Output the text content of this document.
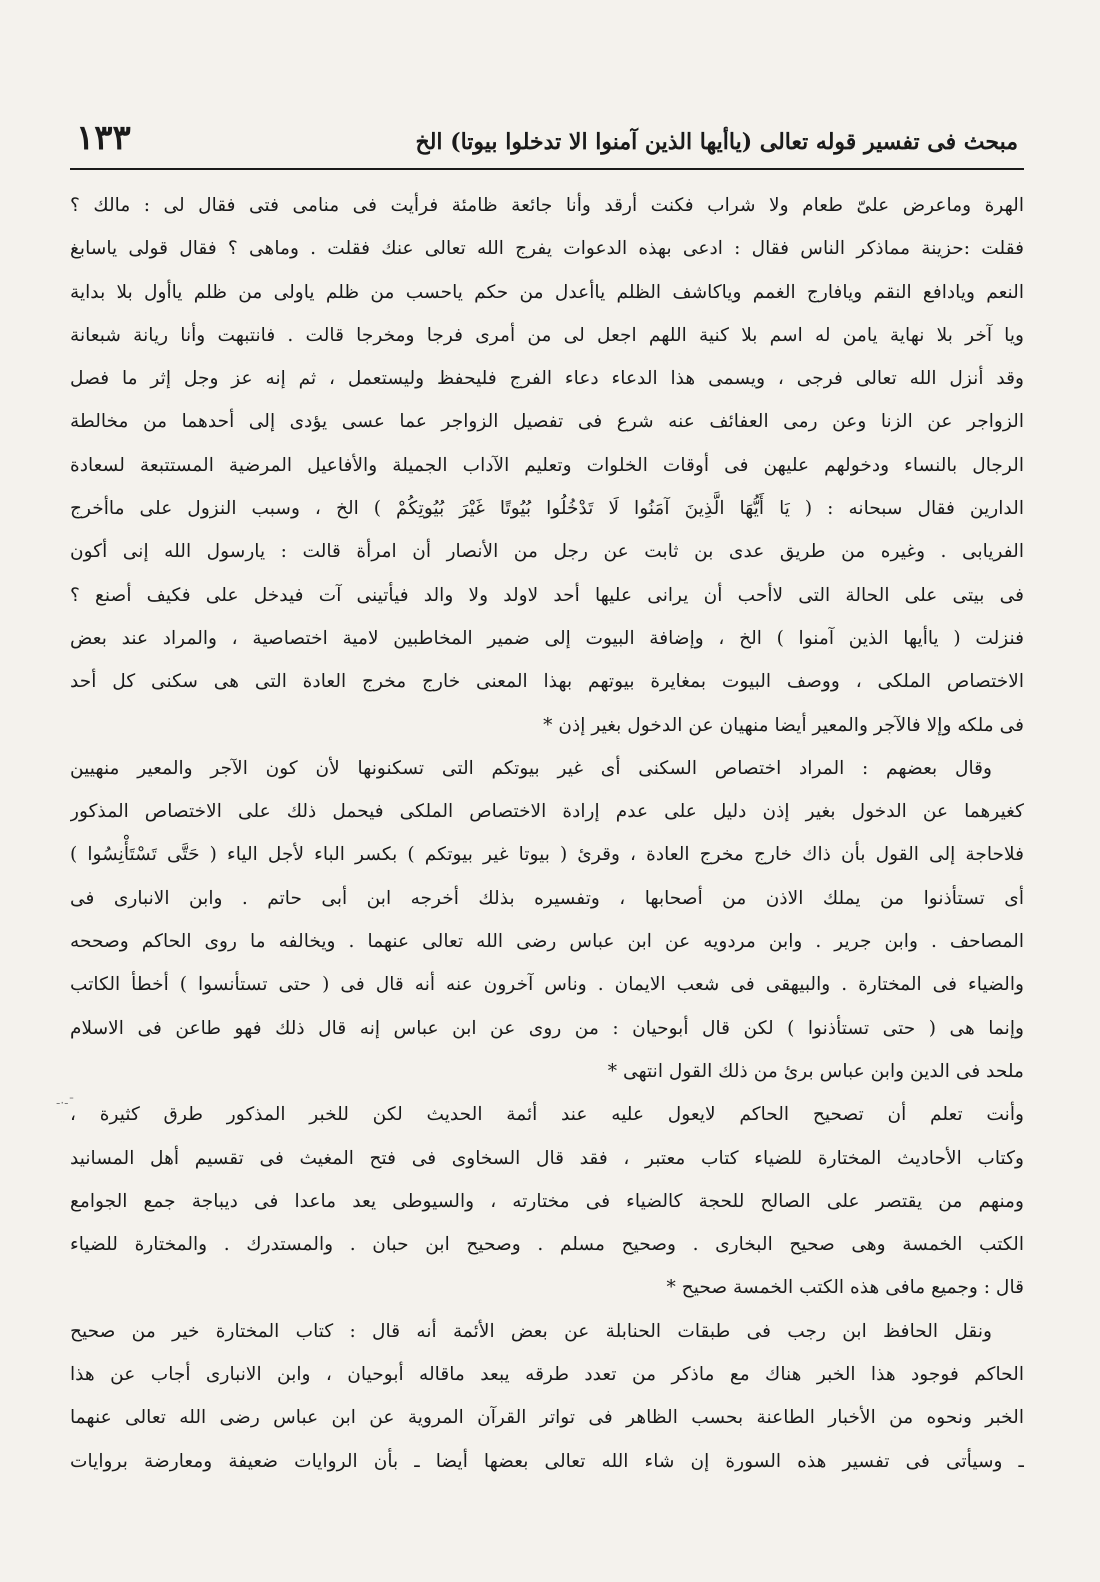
مبحث فى تفسير قوله تعالى (ياأيها الذين آمنوا الا تدخلوا بيوتا) الخ
١٣٣
الهرة وماعرض علىّ طعام ولا شراب فكنت أرقد وأنا جائعة ظامئة فرأيت فى منامى فتى فقال لى : مالك ؟
فقلت :حزينة مماذكر الناس فقال : ادعى بهذه الدعوات يفرج الله تعالى عنك فقلت . وماهى ؟ فقال قولى ياسابغ
النعم ويادافع النقم ويافارج الغمم وياكاشف الظلم ياأعدل من حكم ياحسب من ظلم ياولى من ظلم ياأول بلا بداية
ويا آخر بلا نهاية يامن له اسم بلا كنية اللهم اجعل لى من أمرى فرجا ومخرجا قالت . فانتبهت وأنا ريانة شبعانة
وقد أنزل الله تعالى فرجى ، ويسمى هذا الدعاء دعاء الفرج فليحفظ وليستعمل ، ثم إنه عز وجل إثر ما فصل
الزواجر عن الزنا وعن رمى العفائف عنه شرع فى تفصيل الزواجر عما عسى يؤدى إلى أحدهما من مخالطة
الرجال بالنساء ودخولهم عليهن فى أوقات الخلوات وتعليم الآداب الجميلة والأفاعيل المرضية المستتبعة لسعادة
الدارين فقال سبحانه : ( يَا أَيُّهَا الَّذِينَ آمَنُوا لَا تَدْخُلُوا بُيُوتًا غَيْرَ بُيُوتِكُمْ ) الخ ، وسبب النزول على ماأخرج
الفريابى . وغيره من طريق عدى بن ثابت عن رجل من الأنصار أن امرأة قالت : يارسول الله إنى أكون
فى بيتى على الحالة التى لاأحب أن يرانى عليها أحد لاولد ولا والد فيأتينى آت فيدخل على فكيف أصنع ؟
فنزلت ( ياأيها الذين آمنوا ) الخ ، وإضافة البيوت إلى ضمير المخاطبين لامية اختصاصية ، والمراد عند بعض
الاختصاص الملكى ، ووصف البيوت بمغايرة بيوتهم بهذا المعنى خارج مخرج العادة التى هى سكنى كل أحد
فى ملكه وإلا فالآجر والمعير أيضا منهيان عن الدخول بغير إذن *
وقال بعضهم : المراد اختصاص السكنى أى غير بيوتكم التى تسكنونها لأن كون الآجر والمعير منهيين
كغيرهما عن الدخول بغير إذن دليل على عدم إرادة الاختصاص الملكى فيحمل ذلك على الاختصاص المذكور
فلاحاجة إلى القول بأن ذاك خارج مخرج العادة ، وقرئ ( بيوتا غير بيوتكم ) بكسر الباء لأجل الياء ( حَتَّى تَسْتَأْنِسُوا )
أى تستأذنوا من يملك الاذن من أصحابها ، وتفسيره بذلك أخرجه ابن أبى حاتم . وابن الانبارى فى
المصاحف . وابن جرير . وابن مردويه عن ابن عباس رضى الله تعالى عنهما . ويخالفه ما روى الحاكم وصححه
والضياء فى المختارة . والبيهقى فى شعب الايمان . وناس آخرون عنه أنه قال فى ( حتى تستأنسوا ) أخطأ الكاتب
وإنما هى ( حتى تستأذنوا ) لكن قال أبوحيان : من روى عن ابن عباس إنه قال ذلك فهو طاعن فى الاسلام
ملحد فى الدين وابن عباس برئ من ذلك القول انتهى *
وأنت تعلم أن تصحيح الحاكم لايعول عليه عند أئمة الحديث لكن للخبر المذكور طرق كثيرة ،
وكتاب الأحاديث المختارة للضياء كتاب معتبر ، فقد قال السخاوى فى فتح المغيث فى تقسيم أهل المسانيد
ومنهم من يقتصر على الصالح للحجة كالضياء فى مختارته ، والسيوطى يعد ماعدا فى ديباجة جمع الجوامع
الكتب الخمسة وهى صحيح البخارى . وصحيح مسلم . وصحيح ابن حبان . والمستدرك . والمختارة للضياء
قال : وجميع مافى هذه الكتب الخمسة صحيح *
ونقل الحافظ ابن رجب فى طبقات الحنابلة عن بعض الأئمة أنه قال : كتاب المختارة خير من صحيح
الحاكم فوجود هذا الخبر هناك مع ماذكر من تعدد طرقه يبعد ماقاله أبوحيان ، وابن الانبارى أجاب عن هذا
الخبر ونحوه من الأخبار الطاعنة بحسب الظاهر فى تواتر القرآن المروية عن ابن عباس رضى الله تعالى عنهما
ـ وسيأتى فى تفسير هذه السورة إن شاء الله تعالى بعضها أيضا ـ بأن الروايات ضعيفة ومعارضة بروايات
‐·‐ˉ
